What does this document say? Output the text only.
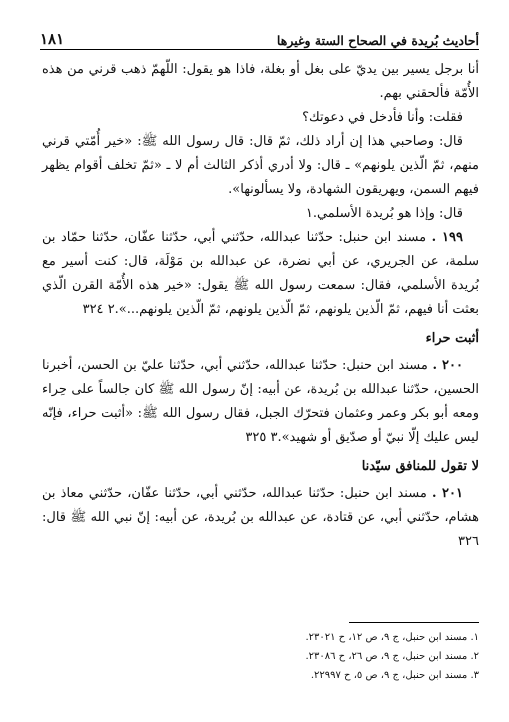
أحاديث بُريدة في الصحاح الستة وغيرها
١٨١

أنا برجل يسير بين يديّ على بغل أو بغلة، فاذا هو يقول: اللّهمّ ذهب قرني من هذه الأُمّة فألحقني بهم.

فقلت: وأنا فأدخل في دعوتك؟

قال: وصاحبي هذا إن أراد ذلك، ثمّ قال: قال رسول الله ﷺ: «خير أُمّتي قرني منهم، ثمّ الّذين يلونهم» ـ قال: ولا أدري أذكر الثالث أم لا ـ «ثمّ تخلف أقوام يظهر فيهم السمن، ويهريقون الشهادة، ولا يسألونها».

قال: وإذا هو بُريدة الأسلمي.١

١٩٩ . مسند ابن حنبل: حدّثنا عبدالله، حدّثني أبي، حدّثنا عفّان، حدّثنا حمّاد بن سلمة، عن الجريري، عن أبي نضرة، عن عبدالله بن مَوْلَة، قال: كنت أسير مع بُريدة الأسلمي، فقال: سمعت رسول الله ﷺ يقول: «خير هذه الأُمّة القرن الّذي بعثت أنا فيهم، ثمّ الّذين يلونهم، ثمّ الّذين يلونهم، ثمّ الّذين يلونهم...».٢ ٣٢٤

أثبت حراء

٢٠٠ . مسند ابن حنبل: حدّثنا عبدالله، حدّثني أبي، حدّثنا عليّ بن الحسن، أخبرنا الحسين، حدّثنا عبدالله بن بُريدة، عن أبيه: إنّ رسول الله ﷺ كان جالساً على حِراء ومعه أبو بكر وعمر وعثمان فتحرّك الجبل، فقال رسول الله ﷺ: «أثبت حراء، فإنّه ليس عليك إلّا نبيّ أو صدّيق أو شهيد».٣ ٣٢٥

لا تقول للمنافق سيّدنا

٢٠١ . مسند ابن حنبل: حدّثنا عبدالله، حدّثني أبي، حدّثنا عفّان، حدّثني معاذ بن هشام، حدّثني أبي، عن قتادة، عن عبدالله بن بُريدة، عن أبيه: إنّ نبي الله ﷺ قال: ٣٢٦

١. مسند ابن حنبل، ج ٩، ص ١٢، ح ٢٣٠٢١.

٢. مسند ابن حنبل، ج ٩، ص ٢٦، ح ٢٣٠٨٦.

٣. مسند ابن حنبل، ج ٩، ص ٥، ح ٢٢٩٩٧.
